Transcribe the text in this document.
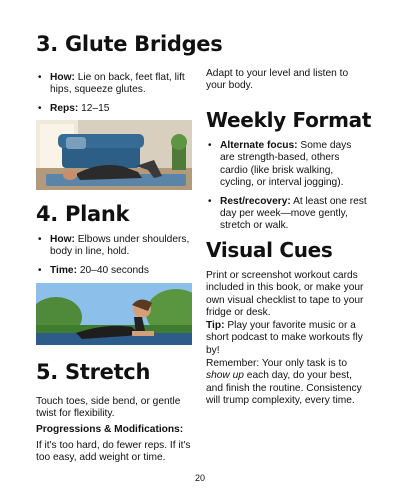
3. Glute Bridges
• How: Lie on back, feet flat, lift hips, squeeze glutes.
• Reps: 12–15
4. Plank
• How: Elbows under shoulders, body in line, hold.
• Time: 20–40 seconds
5. Stretch

Touch toes, side bend, or gentle twist for flexibility.

Progressions & Modifications:

If it's too hard, do fewer reps. If it's too easy, add weight or time.

Adapt to your level and listen to your body.

Weekly Format
• Alternate focus: Some days are strength-based, others cardio (like brisk walking, cycling, or interval jogging).
• Rest/recovery: At least one rest day per week—move gently, stretch or walk.
Visual Cues

Print or screenshot workout cards included in this book, or make your own visual checklist to tape to your fridge or desk.

Tip: Play your favorite music or a short podcast to make workouts fly by!

Remember: Your only task is to show up each day, do your best, and finish the routine. Consistency will trump complexity, every time.

20
